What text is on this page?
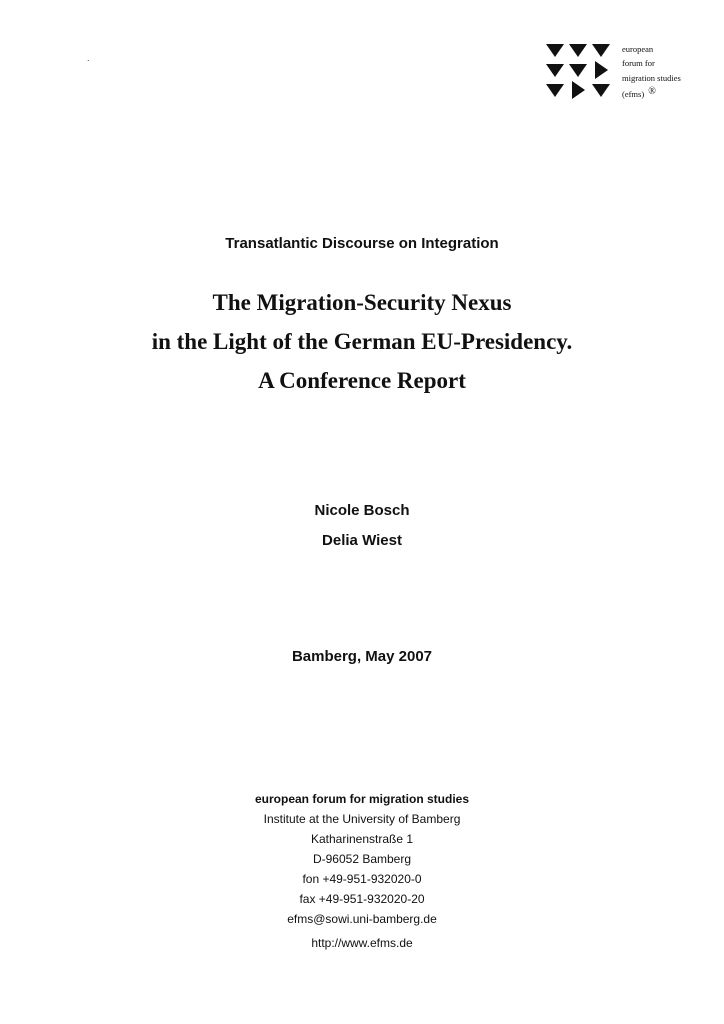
.
european
forum for
migration studies
(efms) ®
Transatlantic Discourse on Integration
The Migration-Security Nexus
in the Light of the German EU-Presidency.
A Conference Report
Nicole Bosch
Delia Wiest
Bamberg, May 2007
european forum for migration studies
Institute at the University of Bamberg
Katharinenstraße 1
D-96052 Bamberg
fon +49-951-932020-0
fax +49-951-932020-20
efms@sowi.uni-bamberg.de
http://www.efms.de
